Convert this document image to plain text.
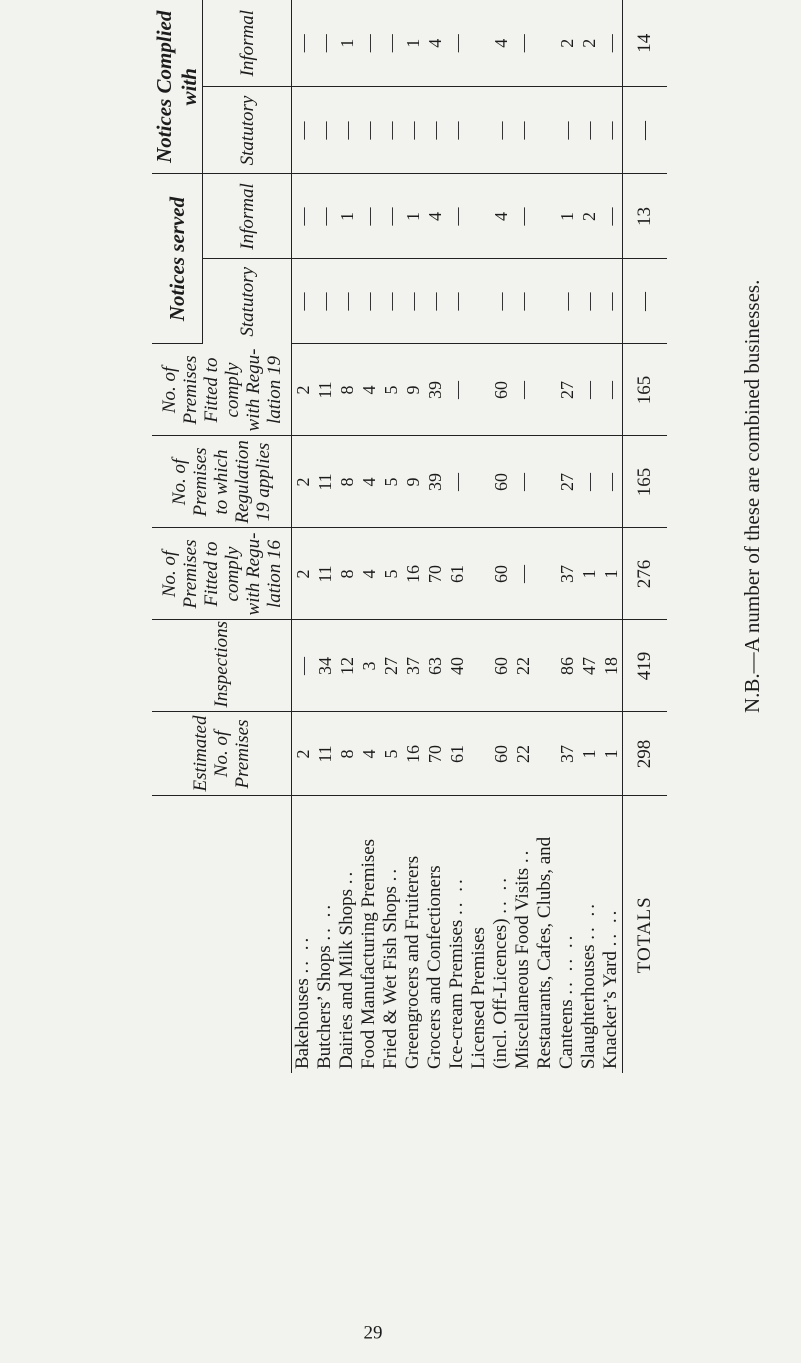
	Estimated No. of Premises	Inspections	No. of Premises Fitted to comply with Regu-lation 16	No. of Premises to which Regulation 19 applies	No. of Premises Fitted to comply with Regu-lation 19	Notices served		Notices Complied with	
						Statutory	Informal	Statutory	Informal
Bakehouses .. ..	2	—	2	2	2	—	—	—	—
Butchers’ Shops .. ..	11	34	11	11	11	—	—	—	—
Dairies and Milk Shops ..	8	12	8	8	8	—	1	—	1
Food Manufacturing Premises	4	3	4	4	4	—	—	—	—
Fried & Wet Fish Shops ..	5	27	5	5	5	—	—	—	—
Greengrocers and Fruiterers	16	37	16	9	9	—	1	—	1
Grocers and Confectioners	70	63	70	39	39	—	4	—	4
Ice-cream Premises .. ..	61	40	61	—	—	—	—	—	—
Licensed Premises									
(incl. Off-Licences) .. ..	60	60	60	60	60	—	4	—	4
Miscellaneous Food Visits ..	22	22	—	—	—	—	—	—	—
Restaurants, Cafes, Clubs, and									
Canteens .. .. ..	37	86	37	27	27	—	1	—	2
Slaughterhouses .. ..	1	47	1	—	—	—	2	—	2
Knacker’s Yard .. ..	1	18	1	—	—	—	—	—	—
TOTALS	298	419	276	165	165	—	13	—	14
N.B.—A number of these are combined businesses.
29
